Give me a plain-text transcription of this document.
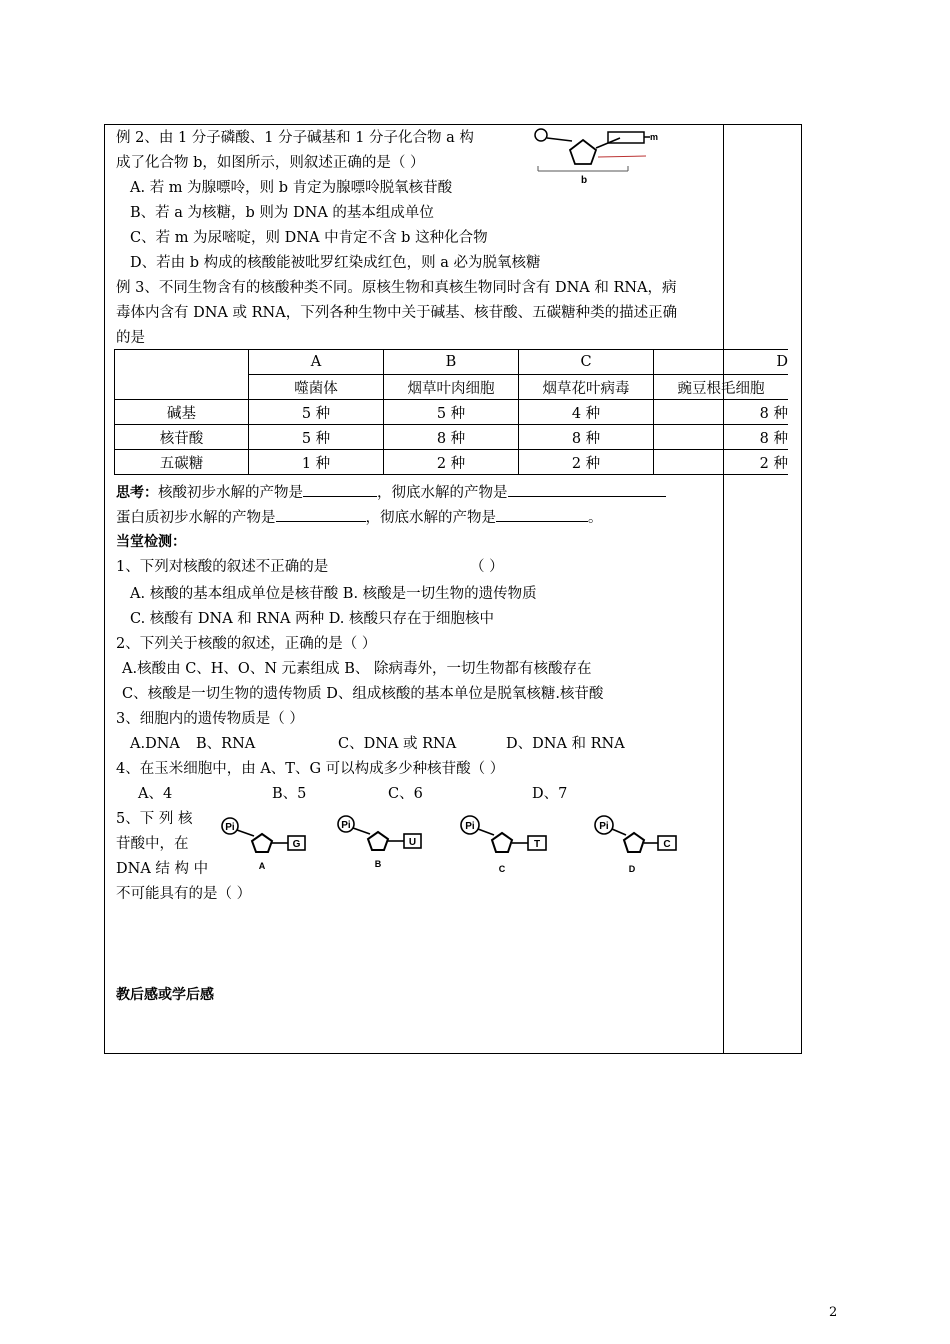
例 2、由 1 分子磷酸、1 分子碱基和 1 分子化合物 a 构
成了化合物 b，如图所示，则叙述正确的是（ ）
A. 若 m 为腺嘌呤，则 b 肯定为腺嘌呤脱氧核苷酸
B、若 a 为核糖，b 则为 DNA 的基本组成单位
C、若 m 为尿嘧啶，则 DNA 中肯定不含 b 这种化合物
D、若由 b 构成的核酸能被吡罗红染成红色，则 a 必为脱氧核糖
m
b
例 3、不同生物含有的核酸种类不同。原核生物和真核生物同时含有 DNA 和 RNA，病
毒体内含有 DNA 或 RNA，下列各种生物中关于碱基、核苷酸、五碳糖种类的描述正确
的是
	A	B	C	D
	噬菌体	烟草叶肉细胞	烟草花叶病毒	豌豆根毛细胞
碱基	5 种	5 种	4 种	8 种
核苷酸	5 种	8 种	8 种	8 种
五碳糖	1 种	2 种	2 种	2 种
思考：核酸初步水解的产物是	，彻底水解的产物是
蛋白质初步水解的产物是	，彻底水解的产物是	。
当堂检测：
1、下列对核酸的叙述不正确的是	（ ）
A. 核酸的基本组成单位是核苷酸 B. 核酸是一切生物的遗传物质
C. 核酸有 DNA 和 RNA 两种 D. 核酸只存在于细胞核中
2、下列关于核酸的叙述，正确的是（ ）
A.核酸由 C、H、O、N 元素组成 B、 除病毒外，一切生物都有核酸存在
C、核酸是一切生物的遗传物质 D、组成核酸的基本单位是脱氧核糖.核苷酸
3、细胞内的遗传物质是（ ）
A.DNA B、RNA	C、DNA 或 RNA	D、DNA 和 RNA
4、在玉米细胞中，由 A、T、G 可以构成多少种核苷酸（ ）
A、4	B、5	C、6	D、7
5、下 列 核
苷酸中，在
DNA 结 构 中
不可能具有的是（ ）
Pi
G
A
Pi
U
B
Pi
T
C
Pi
C
D
教后感或学后感
2
